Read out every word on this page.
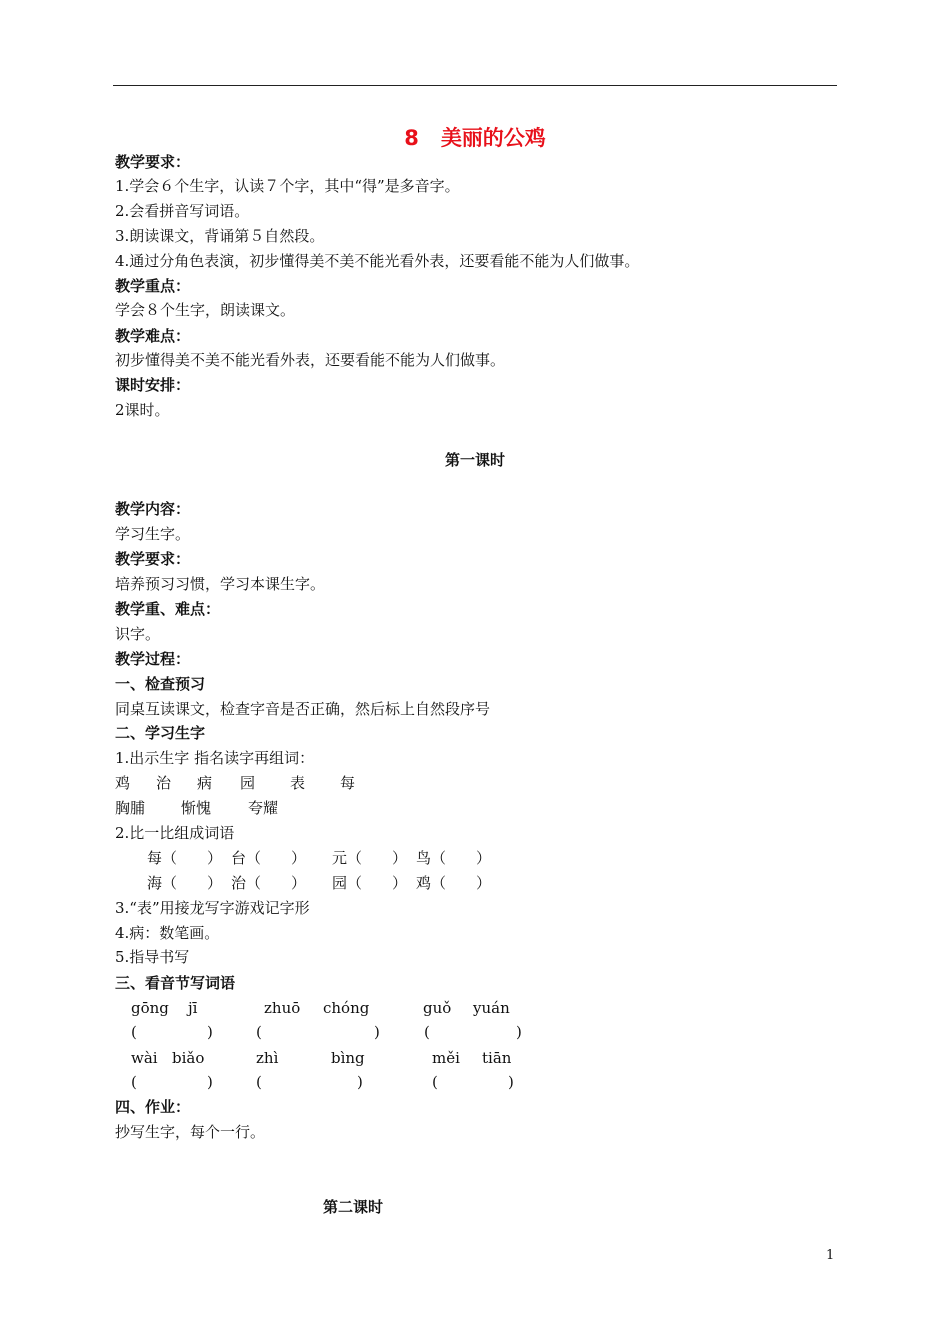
8 美丽的公鸡
教学要求：
1.学会６个生字，认读７个字，其中“得”是多音字。
2.会看拼音写词语。
3.朗读课文，背诵第５自然段。
4.通过分角色表演，初步懂得美不美不能光看外表，还要看能不能为人们做事。
教学重点：
学会８个生字，朗读课文。
教学难点：
初步懂得美不美不能光看外表，还要看能不能为人们做事。
课时安排：
2课时。
第一课时
教学内容：
学习生字。
教学要求：
培养预习习惯，学习本课生字。
教学重、难点：
识字。
教学过程：
一、检查预习
同桌互读课文，检查字音是否正确，然后标上自然段序号
二、学习生字
1.出示生字 指名读字再组词：
鸡 治 病 园 表 每
胸脯 惭愧 夸耀
2.比一比组成词语
每（　　） 台（　　） 元（　　） 鸟（　　）
海（　　） 治（　　） 园（　　） 鸡（　　）
3.“表”用接龙写字游戏记字形
4.病：数笔画。
5.指导书写
三、看音节写词语
gōng jī	zhuō chóng	guǒ yuán
(	)	(	)	(	)
wài biǎo	zhì	bìng	měi tiān
(	)	(	)	(	)
四、作业：
抄写生字，每个一行。
第二课时
1
